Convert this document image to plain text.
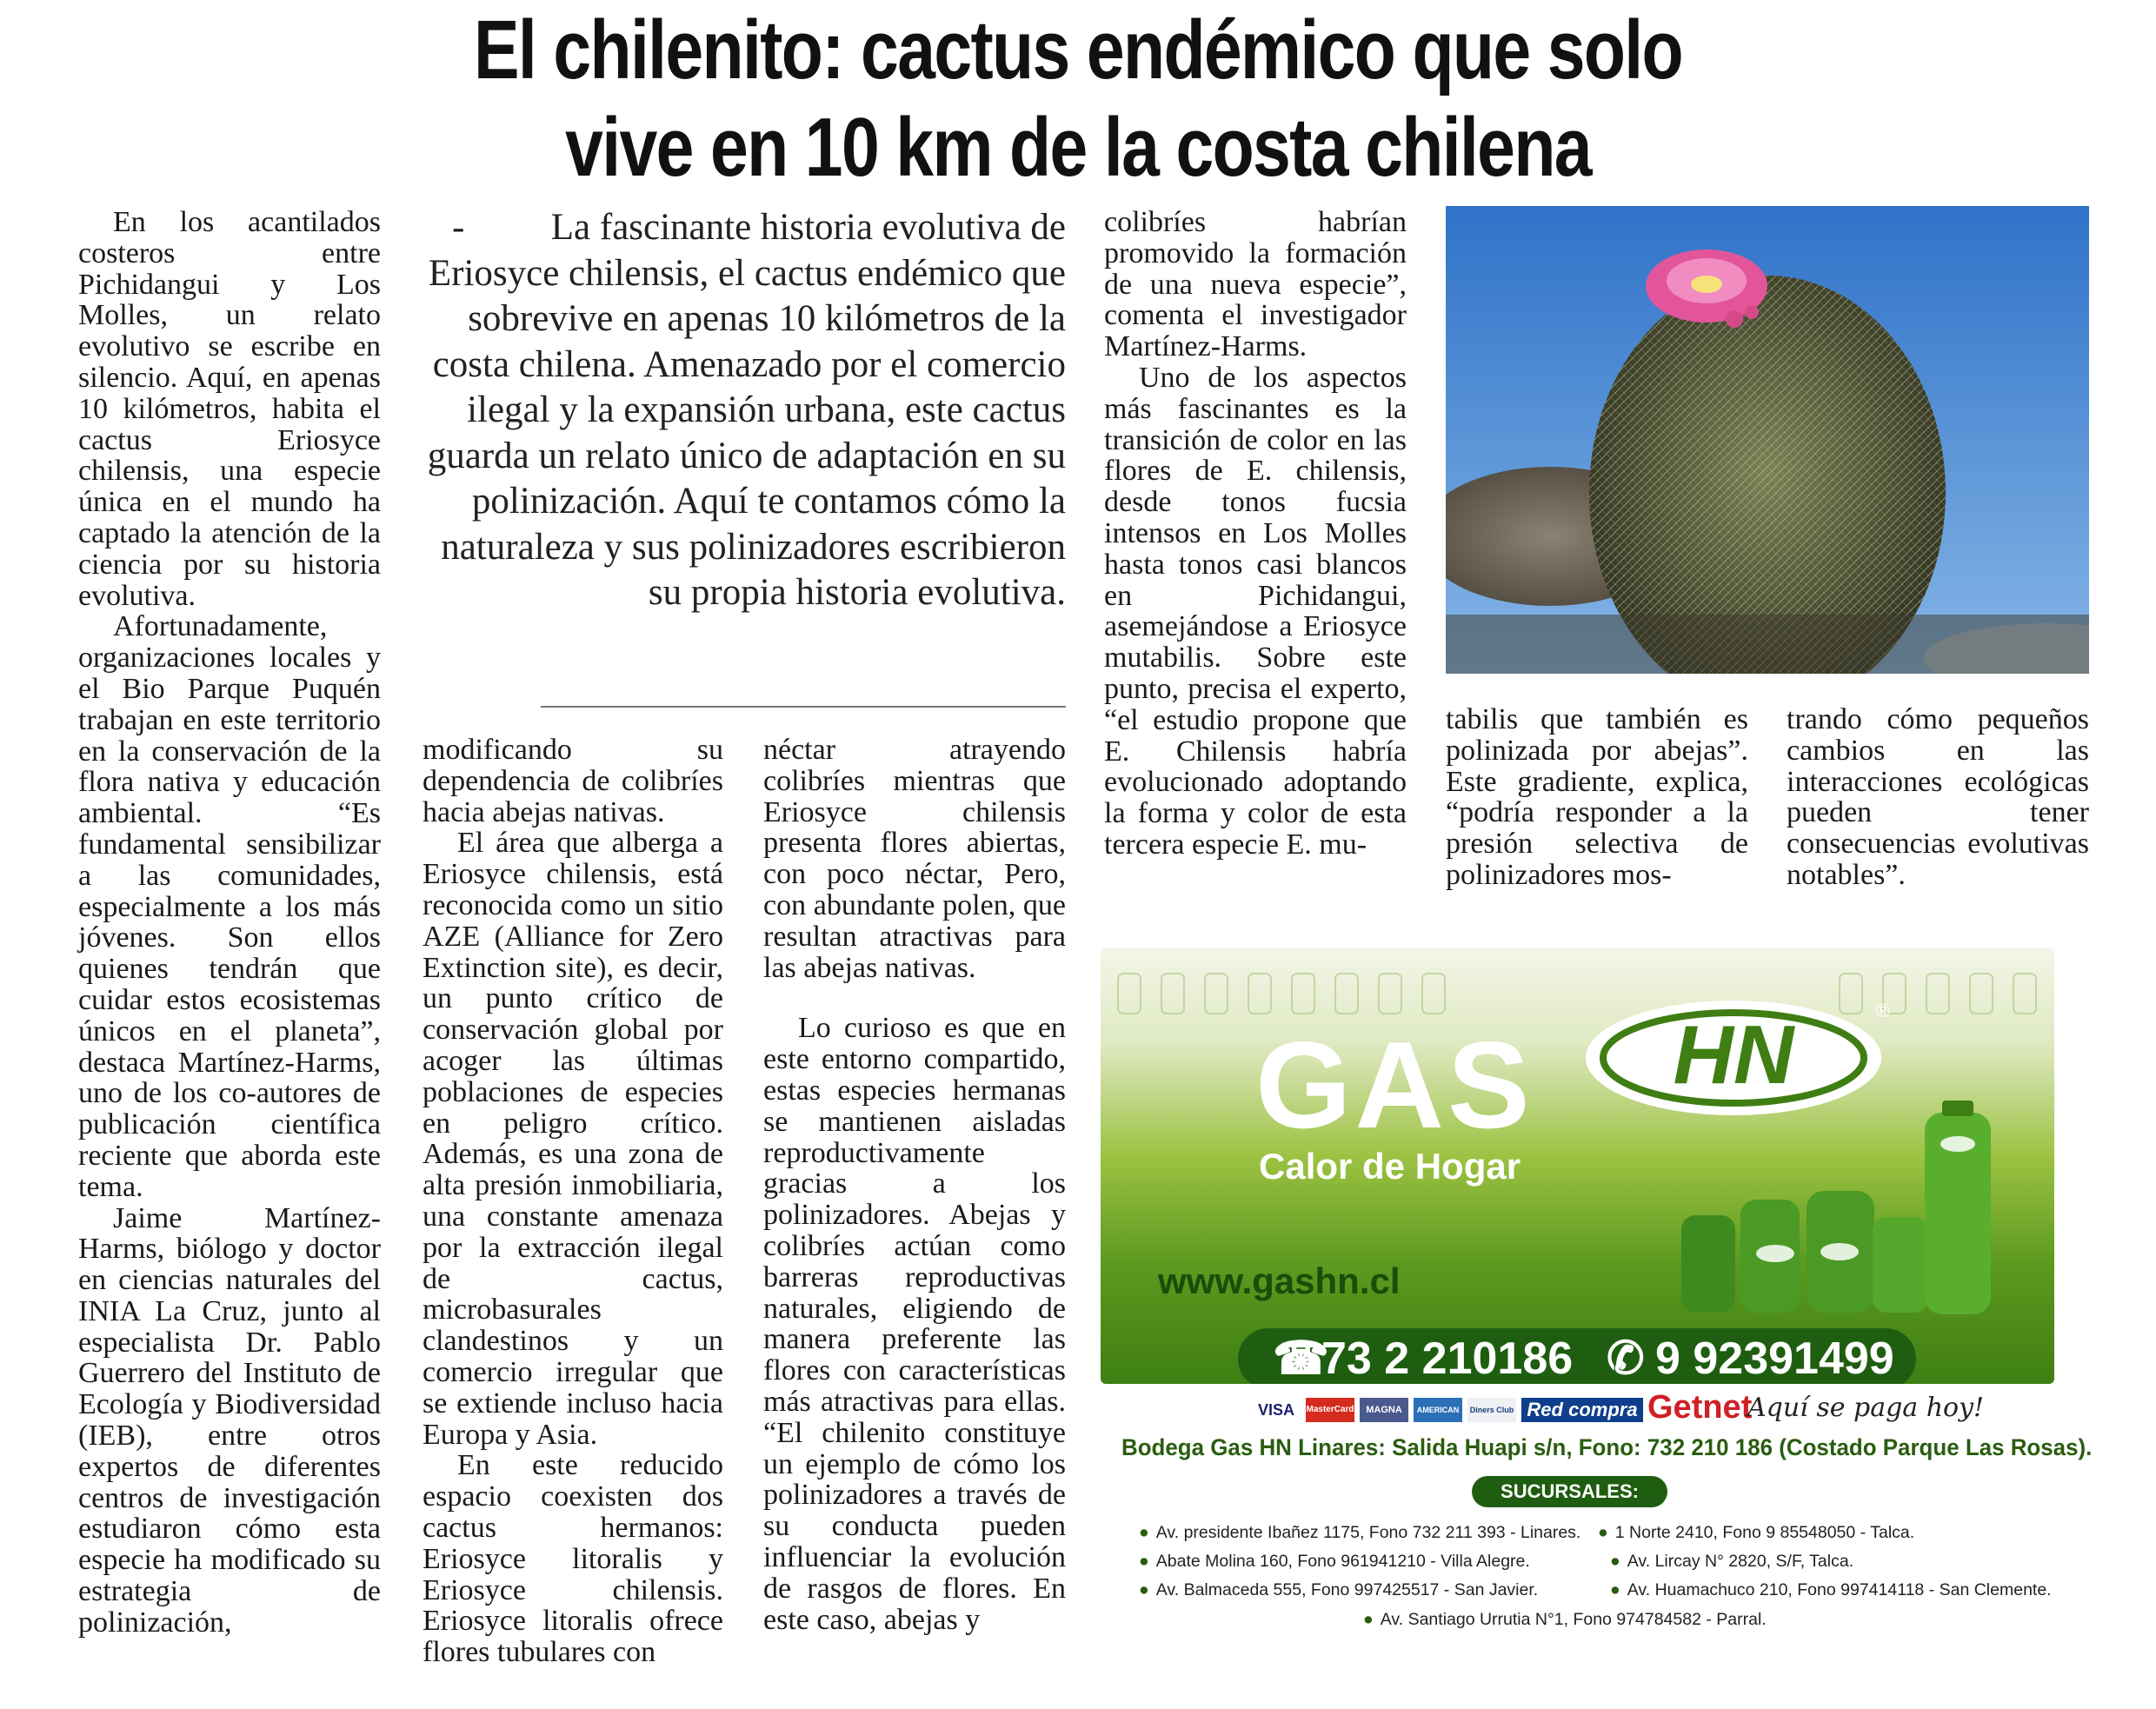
El chilenito: cactus endémico que solo
vive en 10 km de la costa chilena
-	La fascinante historia evolutiva de Eriosyce chilensis, el cactus endémico que sobrevive en apenas 10 kilómetros de la costa chilena. Amenazado por el comercio ilegal y la expansión urbana, este cactus guarda un relato único de adaptación en su polinización. Aquí te contamos cómo la naturaleza y sus polinizadores escribieron su propia historia evolutiva.

En los acantilados costeros entre Pichidangui y Los Molles, un relato evolutivo se escribe en silencio. Aquí, en apenas 10 kilómetros, habita el cactus Eriosyce chilensis, una especie única en el mundo ha captado la atención de la ciencia por su historia evolutiva.

Afortunadamente, organizaciones locales y el Bio Parque Puquén trabajan en este territorio en la conservación de la flora nativa y educación ambiental. “Es fundamental sensibilizar a las comunidades, especialmente a los más jóvenes. Son ellos quienes tendrán que cuidar estos ecosistemas únicos en el planeta”, destaca Martínez-Harms, uno de los co-autores de publicación científica reciente que aborda este tema.

Jaime Martínez-Harms, biólogo y doctor en ciencias naturales del INIA La Cruz, junto al especialista Dr. Pablo Guerrero del Instituto de Ecología y Biodiversidad (IEB), entre otros expertos de diferentes centros de investigación estudiaron cómo esta especie ha modificado su estrategia de polinización,

modificando su dependencia de colibríes hacia abejas nativas.

El área que alberga a Eriosyce chilensis, está reconocida como un sitio AZE (Alliance for Zero Extinction site), es decir, un punto crítico de conservación global por acoger las últimas poblaciones de especies en peligro crítico. Además, es una zona de alta presión inmobiliaria, una constante amenaza por la extracción ilegal de cactus, microbasurales clandestinos y un comercio irregular que se extiende incluso hacia Europa y Asia.

En este reducido espacio coexisten dos cactus hermanos: Eriosyce litoralis y Eriosyce chilensis. Eriosyce litoralis ofrece flores tubulares con

néctar atrayendo colibríes mientras que Eriosyce chilensis presenta flores abiertas, con poco néctar, Pero, con abundante polen, que resultan atractivas para las abejas nativas.

Lo curioso es que en este entorno compartido, estas especies hermanas se mantienen aisladas reproductivamente gracias a los polinizadores. Abejas y colibríes actúan como barreras reproductivas naturales, eligiendo de manera preferente las flores con características más atractivas para ellas. “El chilenito constituye un ejemplo de cómo los polinizadores a través de su conducta pueden influenciar la evolución de rasgos de flores. En este caso, abejas y

colibríes habrían promovido la formación de una nueva especie”, comenta el investigador Martínez-Harms.

Uno de los aspectos más fascinantes es la transición de color en las flores de E. chilensis, desde tonos fucsia intensos en Los Molles hasta tonos casi blancos en Pichidangui, asemejándose a Eriosyce mutabilis. Sobre este punto, precisa el experto, “el estudio propone que E. Chilensis habría evolucionado adoptando la forma y color de esta tercera especie E. mu-

tabilis que también es polinizada por abejas”. Este gradiente, explica, “podría responder a la presión selectiva de polinizadores mos-

trando cómo pequeños cambios en las interacciones ecológicas pueden tener consecuencias evolutivas notables”.

GAS HN	®
Calor de Hogar
www.gashn.cl
☎
73 2 210186 ✆ 9 92391499
VISA	MasterCard	MAGNA	AMERICAN	Diners Club Red compra Getnet
Aquí se paga hoy!
Bodega Gas HN Linares: Salida Huapi s/n, Fono: 732 210 186 (Costado Parque Las Rosas).
SUCURSALES:
● Av. presidente Ibañez 1175, Fono 732 211 393 - Linares.
● Abate Molina 160, Fono 961941210 - Villa Alegre.
● Av. Balmaceda 555, Fono 997425517 - San Javier.
● 1 Norte 2410, Fono 9 85548050 - Talca.
● Av. Lircay N° 2820, S/F, Talca.
● Av. Huamachuco 210, Fono 997414118 - San Clemente.
● Av. Santiago Urrutia N°1, Fono 974784582 - Parral.
